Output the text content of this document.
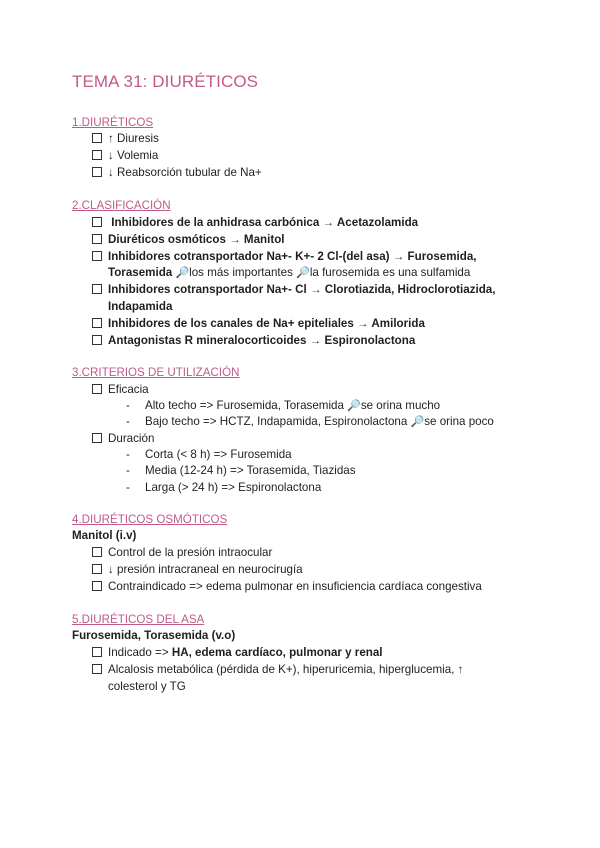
TEMA 31: DIURÉTICOS
1.DIURÉTICOS
↑ Diuresis
↓ Volemia
↓ Reabsorción tubular de Na+
2.CLASIFICACIÓN
Inhibidores de la anhidrasa carbónica → Acetazolamida
Diuréticos osmóticos → Manitol
Inhibidores cotransportador Na+- K+- 2 Cl-(del asa) → Furosemida,
Torasemida 🔎los más importantes 🔎la furosemida es una sulfamida
Inhibidores cotransportador Na+- Cl → Clorotiazida, Hidroclorotiazida,
Indapamida
Inhibidores de los canales de Na+ epiteliales → Amilorida
Antagonistas R mineralocorticoides → Espironolactona
3.CRITERIOS DE UTILIZACIÓN
Eficacia
- Alto techo => Furosemida, Torasemida 🔎se orina mucho
- Bajo techo => HCTZ, Indapamida, Espironolactona 🔎se orina poco
Duración
- Corta (< 8 h) => Furosemida
- Media (12-24 h) => Torasemida, Tiazidas
- Larga (> 24 h) => Espironolactona
4.DIURÉTICOS OSMÓTICOS
Manitol (i.v)
Control de la presión intraocular
↓ presión intracraneal en neurocirugía
Contraindicado => edema pulmonar en insuficiencia cardíaca congestiva
5.DIURÉTICOS DEL ASA
Furosemida, Torasemida (v.o)
Indicado => HA, edema cardíaco, pulmonar y renal
Alcalosis metabólica (pérdida de K+), hiperuricemia, hiperglucemia, ↑
colesterol y TG
